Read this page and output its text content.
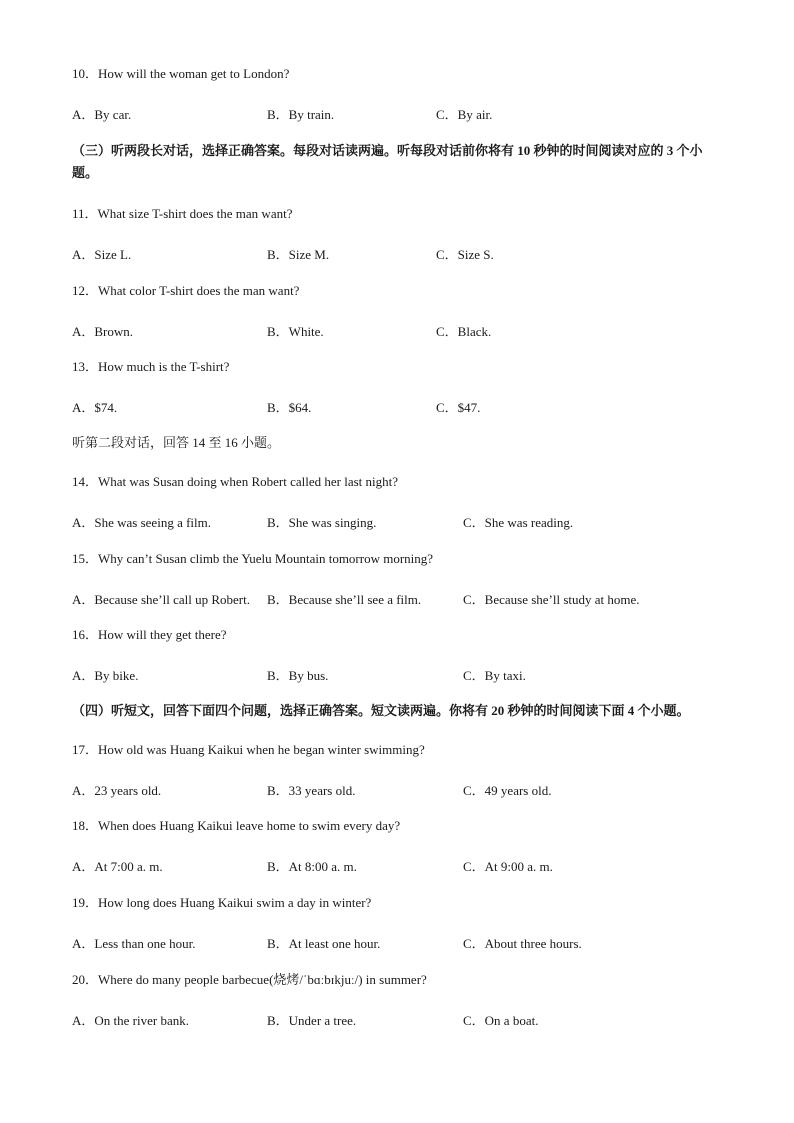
10．How will the woman get to London?
A．By car.	B．By train.	C．By air.
（三）听两段长对话，选择正确答案。每段对话读两遍。听每段对话前你将有 10 秒钟的时间阅读对应的 3 个小题。
11．What size T-shirt does the man want?
A．Size L.	B．Size M.	C．Size S.
12．What color T-shirt does the man want?
A．Brown.	B．White.	C．Black.
13．How much is the T-shirt?
A．$74.	B．$64.	C．$47.
听第二段对话，回答 14 至 16 小题。
14．What was Susan doing when Robert called her last night?
A．She was seeing a film.	B．She was singing.	C．She was reading.
15．Why can’t Susan climb the Yuelu Mountain tomorrow morning?
A．Because she’ll call up Robert. B．Because she’ll see a film.	C．Because she’ll study at home.
16．How will they get there?
A．By bike.	B．By bus.	C．By taxi.
（四）听短文，回答下面四个问题，选择正确答案。短文读两遍。你将有 20 秒钟的时间阅读下面 4 个小题。
17．How old was Huang Kaikui when he began winter swimming?
A．23 years old.	B．33 years old.	C．49 years old.
18．When does Huang Kaikui leave home to swim every day?
A．At 7:00 a. m.	B．At 8:00 a. m.	C．At 9:00 a. m.
19．How long does Huang Kaikui swim a day in winter?
A．Less than one hour.	B．At least one hour.	C．About three hours.
20．Where do many people barbecue(烧烤/ˈbɑːbɪkjuː/) in summer?
A．On the river bank.	B．Under a tree.	C．On a boat.
